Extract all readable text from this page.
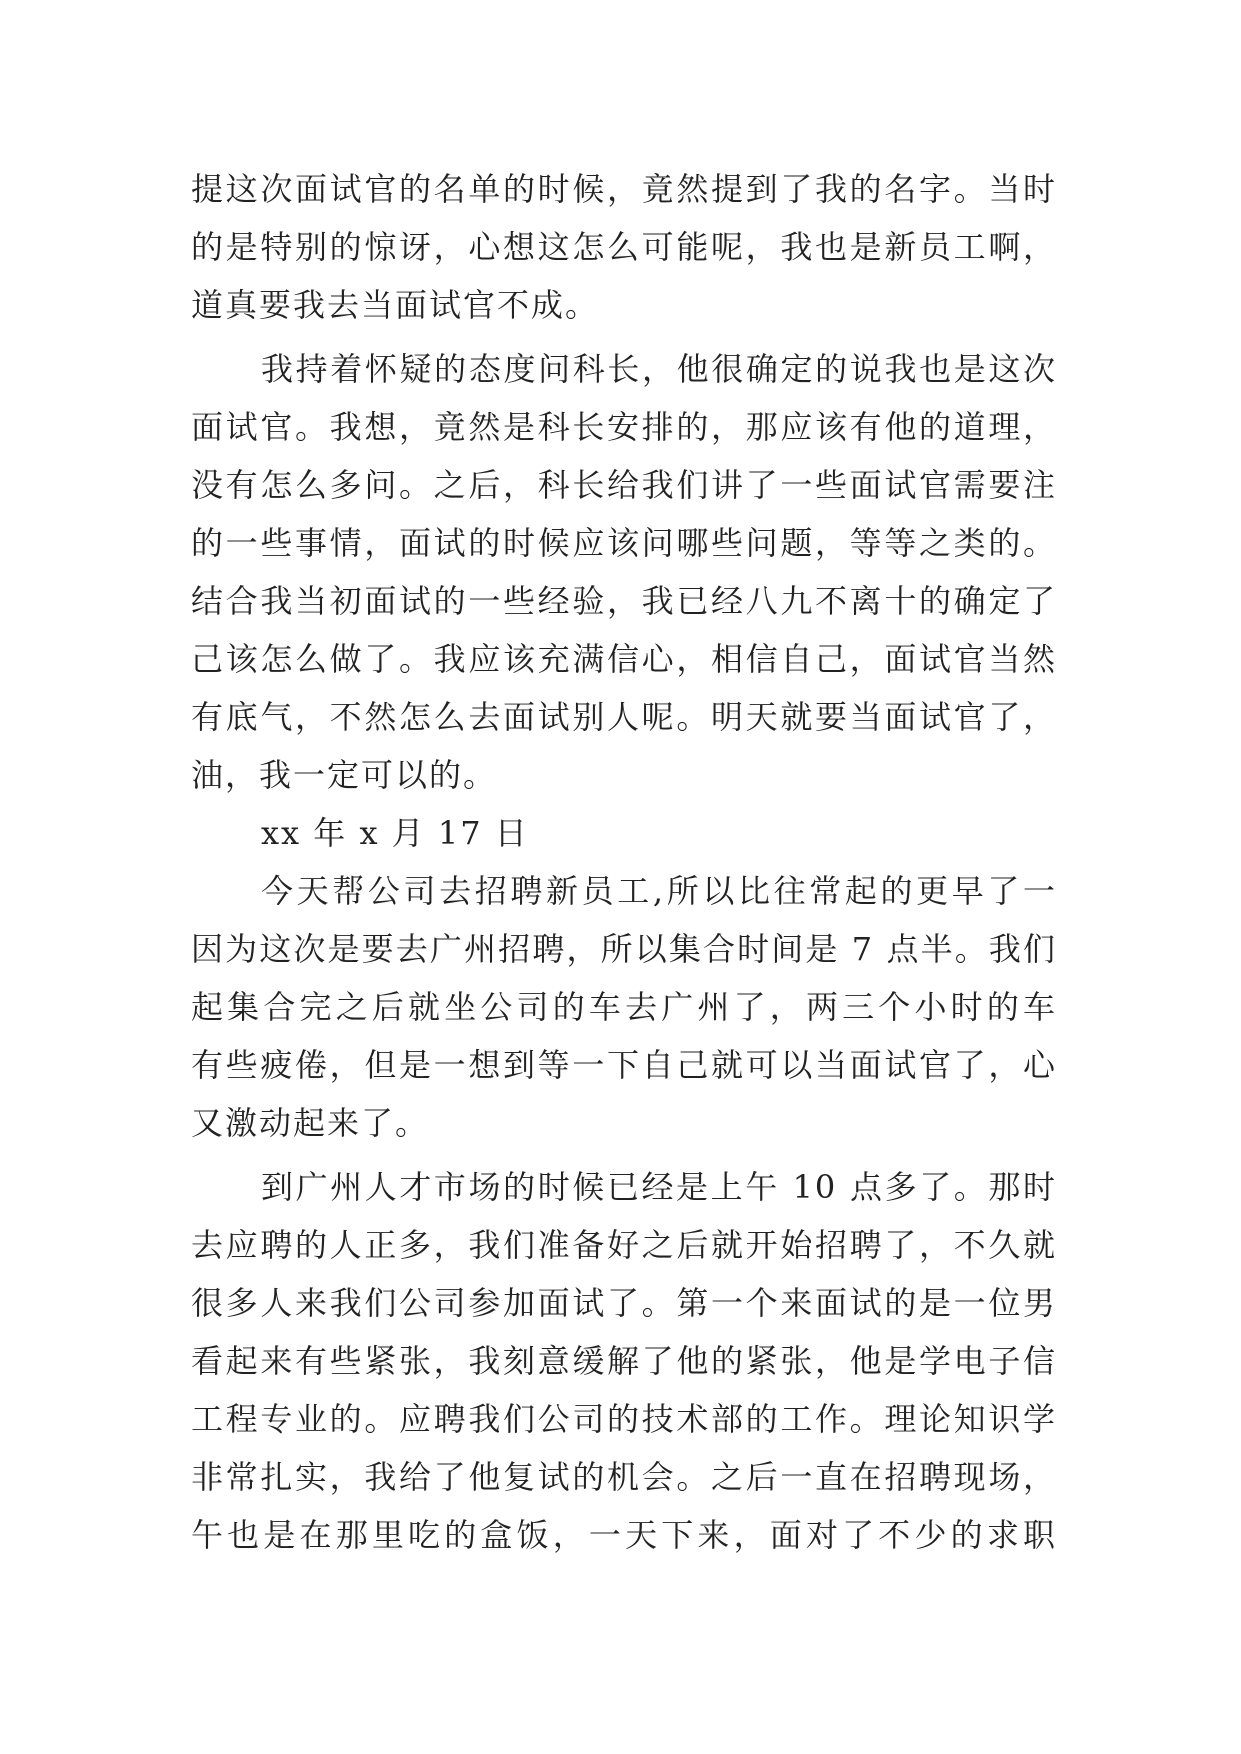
提这次面试官的名单的时候，竟然提到了我的名字。当时
的是特别的惊讶，心想这怎么可能呢，我也是新员工啊，
道真要我去当面试官不成。
我持着怀疑的态度问科长，他很确定的说我也是这次
面试官。我想，竟然是科长安排的，那应该有他的道理，
没有怎么多问。之后，科长给我们讲了一些面试官需要注
的一些事情，面试的时候应该问哪些问题，等等之类的。
结合我当初面试的一些经验，我已经八九不离十的确定了
己该怎么做了。我应该充满信心，相信自己，面试官当然
有底气，不然怎么去面试别人呢。明天就要当面试官了，
油，我一定可以的。
xx 年 x 月 17 日
今天帮公司去招聘新员工,所以比往常起的更早了一
因为这次是要去广州招聘，所以集合时间是 7 点半。我们
起集合完之后就坐公司的车去广州了，两三个小时的车
有些疲倦，但是一想到等一下自己就可以当面试官了，心
又激动起来了。
到广州人才市场的时候已经是上午 10 点多了。那时
去应聘的人正多，我们准备好之后就开始招聘了，不久就
很多人来我们公司参加面试了。第一个来面试的是一位男
看起来有些紧张，我刻意缓解了他的紧张，他是学电子信
工程专业的。应聘我们公司的技术部的工作。理论知识学
非常扎实，我给了他复试的机会。之后一直在招聘现场，
午也是在那里吃的盒饭，一天下来，面对了不少的求职
